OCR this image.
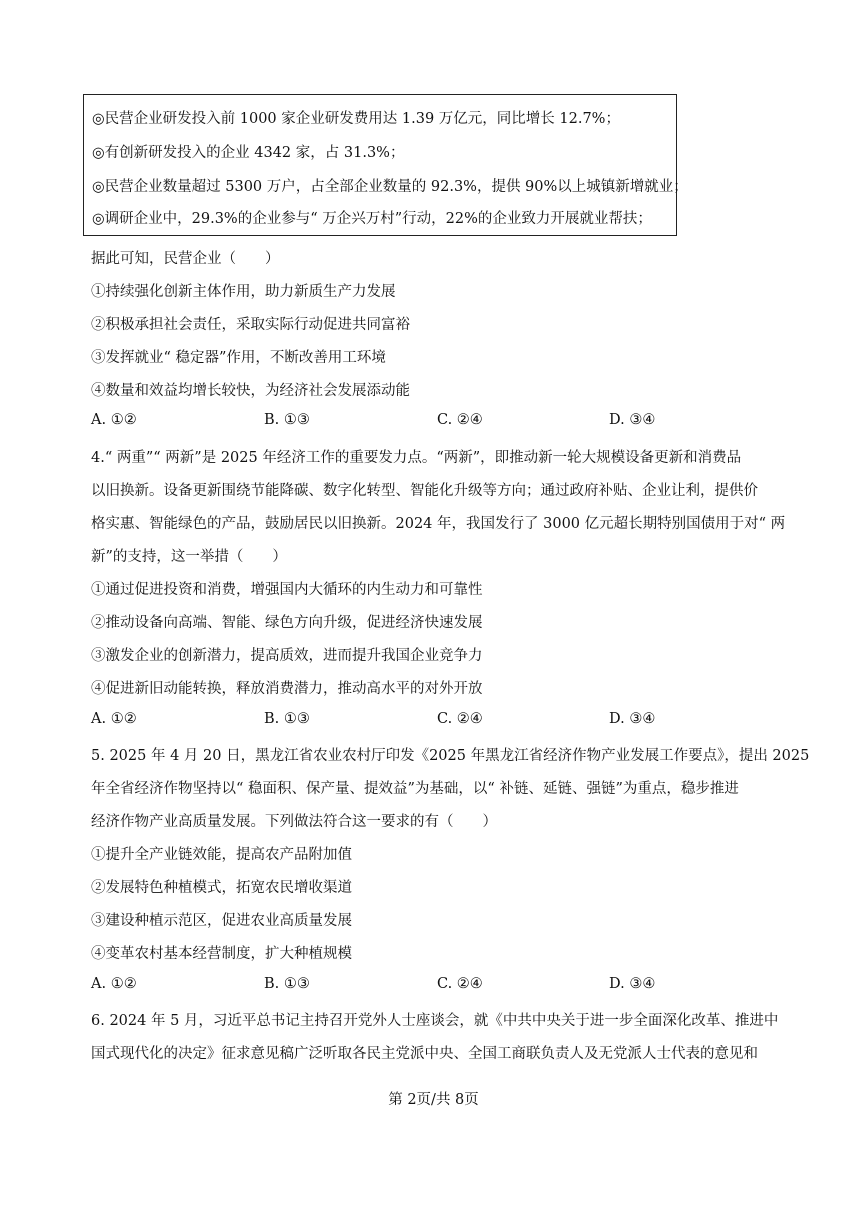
◎民营企业研发投入前 1000 家企业研发费用达 1.39 万亿元，同比增长 12.7%；
◎有创新研发投入的企业 4342 家，占 31.3%；
◎民营企业数量超过 5300 万户，占全部企业数量的 92.3%，提供 90%以上城镇新增就业；
◎调研企业中，29.3%的企业参与“ 万企兴万村”行动，22%的企业致力开展就业帮扶；
据此可知，民营企业（　　）
①持续强化创新主体作用，助力新质生产力发展
②积极承担社会责任，采取实际行动促进共同富裕
③发挥就业“ 稳定器”作用，不断改善用工环境
④数量和效益均增长较快，为经济社会发展添动能
A. ①②	B. ①③	C. ②④	D. ③④
4.“ 两重”“ 两新”是 2025 年经济工作的重要发力点。“两新”，即推动新一轮大规模设备更新和消费品
以旧换新。设备更新围绕节能降碳、数字化转型、智能化升级等方向；通过政府补贴、企业让利，提供价
格实惠、智能绿色的产品，鼓励居民以旧换新。2024 年，我国发行了 3000 亿元超长期特别国债用于对“ 两
新”的支持，这一举措（　　）
①通过促进投资和消费，增强国内大循环的内生动力和可靠性
②推动设备向高端、智能、绿色方向升级，促进经济快速发展
③激发企业的创新潜力，提高质效，进而提升我国企业竞争力
④促进新旧动能转换，释放消费潜力，推动高水平的对外开放
A. ①②	B. ①③	C. ②④	D. ③④
5. 2025 年 4 月 20 日，黑龙江省农业农村厅印发《2025 年黑龙江省经济作物产业发展工作要点》，提出 2025
年全省经济作物坚持以“ 稳面积、保产量、提效益”为基础，以“ 补链、延链、强链”为重点，稳步推进
经济作物产业高质量发展。下列做法符合这一要求的有（　　）
①提升全产业链效能，提高农产品附加值
②发展特色种植模式，拓宽农民增收渠道
③建设种植示范区，促进农业高质量发展
④变革农村基本经营制度，扩大种植规模
A. ①②	B. ①③	C. ②④	D. ③④
6. 2024 年 5 月，习近平总书记主持召开党外人士座谈会，就《中共中央关于进一步全面深化改革、推进中
国式现代化的决定》征求意见稿广泛听取各民主党派中央、全国工商联负责人及无党派人士代表的意见和
第 2页/共 8页
